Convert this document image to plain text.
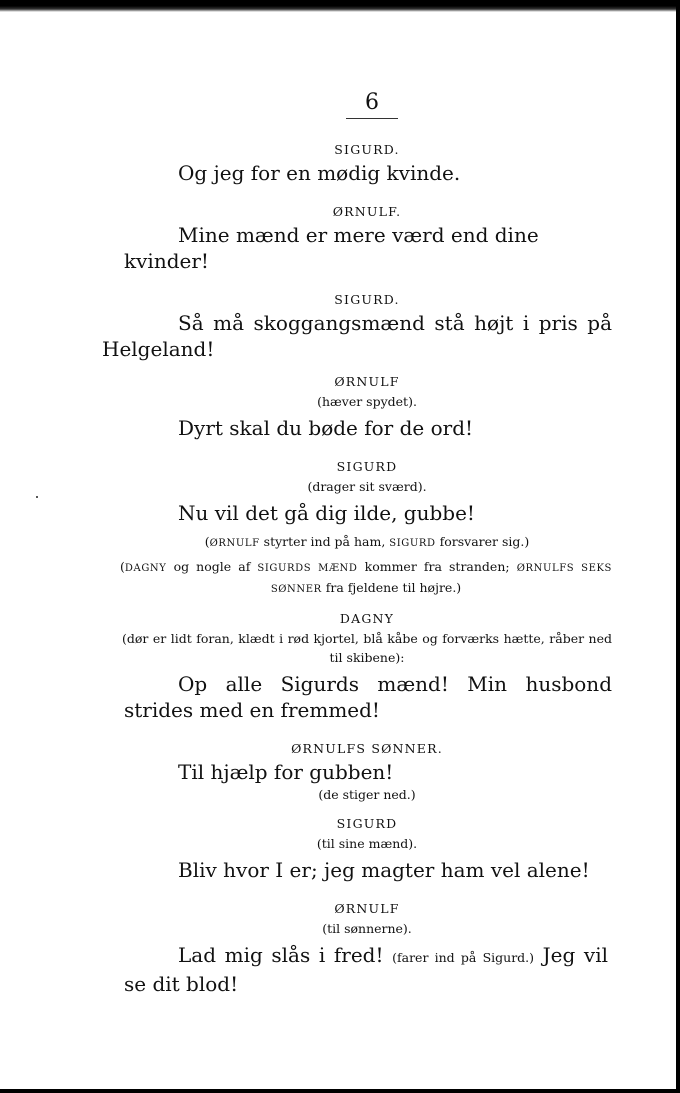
6

SIGURD.

Og jeg for en mødig kvinde.

ØRNULF.

Mine mænd er mere værd end dine kvinder!

SIGURD.

Så må skoggangsmænd stå højt i pris på Helgeland!

ØRNULF

(hæver spydet).

Dyrt skal du bøde for de ord!

SIGURD

(drager sit sværd).

Nu vil det gå dig ilde, gubbe!

(ØRNULF styrter ind på ham, SIGURD forsvarer sig.)

(DAGNY og nogle af SIGURDS MÆND kommer fra stranden; ØRNULFS SEKS SØNNER fra fjeldene til højre.)

DAGNY

(dør er lidt foran, klædt i rød kjortel, blå kåbe og forværks hætte, råber ned til skibene):

Op alle Sigurds mænd! Min husbond strides med en fremmed!

ØRNULFS SØNNER.

Til hjælp for gubben!

(de stiger ned.)

SIGURD

(til sine mænd).

Bliv hvor I er; jeg magter ham vel alene!

ØRNULF

(til sønnerne).

Lad mig slås i fred! (farer ind på Sigurd.) Jeg vil se dit blod!
